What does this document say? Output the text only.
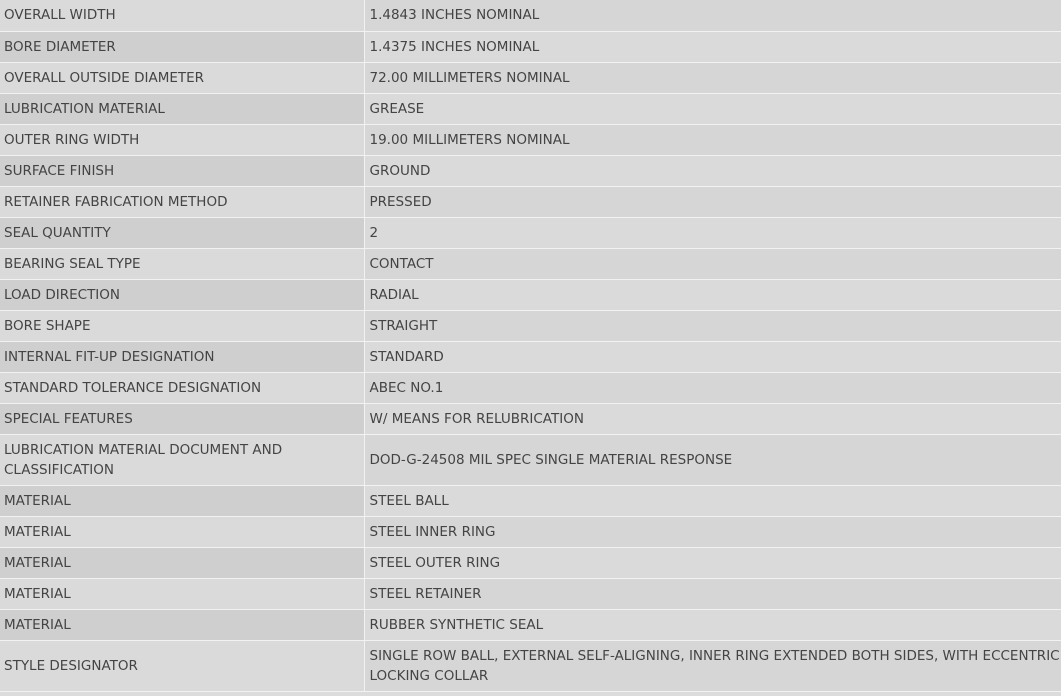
OVERALL WIDTH	1.4843 INCHES NOMINAL
BORE DIAMETER	1.4375 INCHES NOMINAL
OVERALL OUTSIDE DIAMETER	72.00 MILLIMETERS NOMINAL
LUBRICATION MATERIAL	GREASE
OUTER RING WIDTH	19.00 MILLIMETERS NOMINAL
SURFACE FINISH	GROUND
RETAINER FABRICATION METHOD	PRESSED
SEAL QUANTITY	2
BEARING SEAL TYPE	CONTACT
LOAD DIRECTION	RADIAL
BORE SHAPE	STRAIGHT
INTERNAL FIT-UP DESIGNATION	STANDARD
STANDARD TOLERANCE DESIGNATION	ABEC NO.1
SPECIAL FEATURES	W/ MEANS FOR RELUBRICATION
LUBRICATION MATERIAL DOCUMENT AND CLASSIFICATION	DOD-G-24508 MIL SPEC SINGLE MATERIAL RESPONSE
MATERIAL	STEEL BALL
MATERIAL	STEEL INNER RING
MATERIAL	STEEL OUTER RING
MATERIAL	STEEL RETAINER
MATERIAL	RUBBER SYNTHETIC SEAL
STYLE DESIGNATOR	SINGLE ROW BALL, EXTERNAL SELF-ALIGNING, INNER RING EXTENDED BOTH SIDES, WITH ECCENTRIC LOCKING COLLAR
